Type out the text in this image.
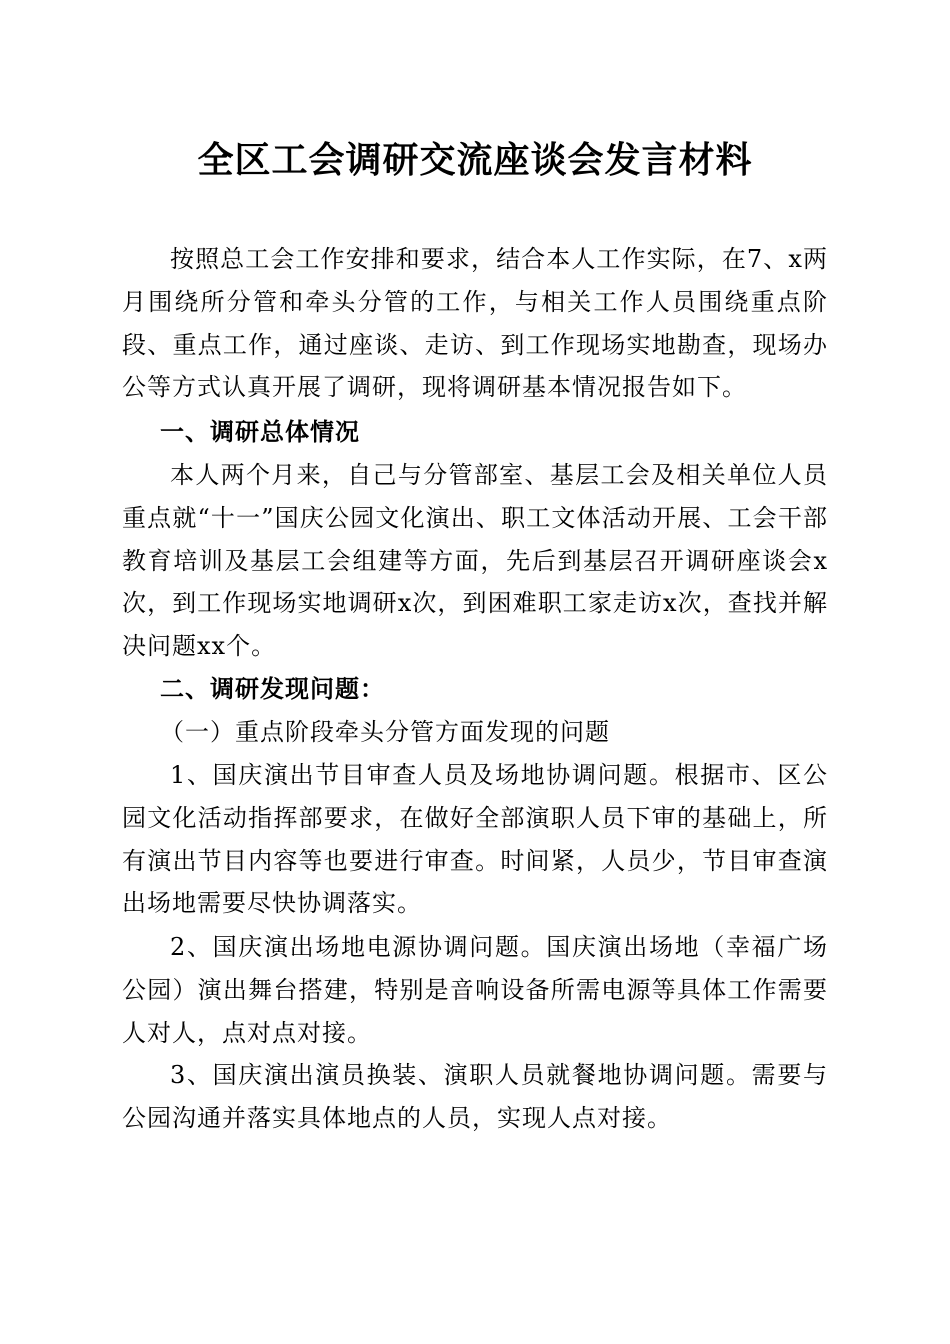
全区工会调研交流座谈会发言材料

按照总工会工作安排和要求，结合本人工作实际，在7、x两月围绕所分管和牵头分管的工作，与相关工作人员围绕重点阶段、重点工作，通过座谈、走访、到工作现场实地勘查，现场办公等方式认真开展了调研，现将调研基本情况报告如下。

一、调研总体情况

本人两个月来，自己与分管部室、基层工会及相关单位人员重点就“十一”国庆公园文化演出、职工文体活动开展、工会干部教育培训及基层工会组建等方面，先后到基层召开调研座谈会x次，到工作现场实地调研x次，到困难职工家走访x次，查找并解决问题xx个。

二、调研发现问题：
（一）重点阶段牵头分管方面发现的问题

1、国庆演出节目审查人员及场地协调问题。根据市、区公园文化活动指挥部要求，在做好全部演职人员下审的基础上，所有演出节目内容等也要进行审查。时间紧，人员少，节目审查演出场地需要尽快协调落实。

2、国庆演出场地电源协调问题。国庆演出场地（幸福广场公园）演出舞台搭建，特别是音响设备所需电源等具体工作需要人对人，点对点对接。

3、国庆演出演员换装、演职人员就餐地协调问题。需要与公园沟通并落实具体地点的人员，实现人点对接。
